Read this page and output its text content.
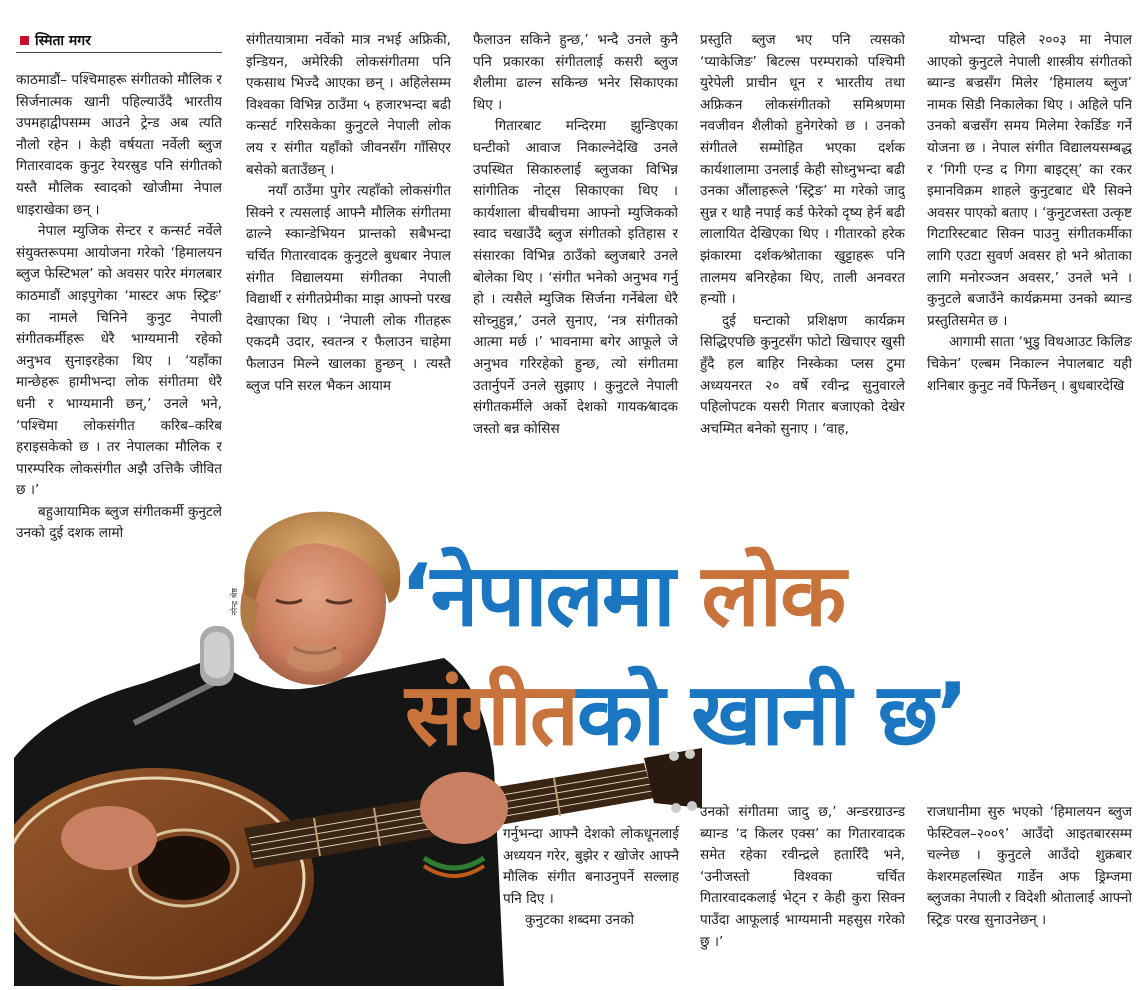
स्मिता मगर

काठमाडौं– पश्चिमाहरू संगीतको मौलिक र सिर्जनात्मक खानी पहिल्याउँदै भारतीय उपमहाद्वीपसम्म आउने ट्रेन्ड अब त्यति नौलो रहेन । केही वर्षयता नर्वेली ब्लुज गितारवादक कुनुट रेयरस्रुड पनि संगीतको यस्तै मौलिक स्वादको खोजीमा नेपाल धाइराखेका छन् ।

नेपाल म्युजिक सेन्टर र कन्सर्ट नर्वेले संयुक्तरूपमा आयोजना गरेको ‘हिमालयन ब्लुज फेस्टिभल’ को अवसर पारेर मंगलबार काठमाडौं आइपुगेका ‘मास्टर अफ स्ट्रिङ’ का नामले चिनिने कुनुट नेपाली संगीतकर्मीहरू धेरै भाग्यमानी रहेको अनुभव सुनाइरहेका थिए । ‘यहाँका मान्छेहरू हामीभन्दा लोक संगीतमा धेरै धनी र भाग्यमानी छन्,’ उनले भने, ‘पश्चिमा लोकसंगीत करिब–करिब हराइसकेको छ । तर नेपालका मौलिक र पारम्परिक लोकसंगीत अझै उत्तिकै जीवित छ ।’

बहुआयामिक ब्लुज संगीतकर्मी कुनुटले उनको दुई दशक लामो

संगीतयात्रामा नर्वेको मात्र नभई अफ्रिकी, इन्डियन, अमेरिकी लोकसंगीतमा पनि एकसाथ भिज्दै आएका छन् । अहिलेसम्म विश्वका विभिन्न ठाउँमा ५ हजारभन्दा बढी कन्सर्ट गरिसकेका कुनुटले नेपाली लोक लय र संगीत यहाँको जीवनसँग गाँसिएर बसेको बताउँछन् ।

नयाँ ठाउँमा पुगेर त्यहाँको लोकसंगीत सिक्ने र त्यसलाई आफ्नै मौलिक संगीतमा ढाल्ने स्कान्डेभियन प्रान्तको सबैभन्दा चर्चित गितारवादक कुनुटले बुधबार नेपाल संगीत विद्यालयमा संगीतका नेपाली विद्यार्थी र संगीतप्रेमीका माझ आफ्नो परख देखाएका थिए । ‘नेपाली लोक गीतहरू एकदमै उदार, स्वतन्त्र र फैलाउन चाहेमा फैलाउन मिल्ने खालका हुन्छन् । त्यस्तै ब्लुज पनि सरल भैकन आयाम

फैलाउन सकिने हुन्छ,’ भन्दै उनले कुनै पनि प्रकारका संगीतलाई कसरी ब्लुज शैलीमा ढाल्न सकिन्छ भनेर सिकाएका थिए ।

गितारबाट मन्दिरमा झुन्डिएका घन्टीको आवाज निकाल्नेदेखि उनले उपस्थित सिकारुलाई ब्लुजका विभिन्न सांगीतिक नोट्स सिकाएका थिए । कार्यशाला बीचबीचमा आफ्नो म्युजिकको स्वाद चखाउँदै ब्लुज संगीतको इतिहास र संसारका विभिन्न ठाउँको ब्लुजबारे उनले बोलेका थिए । ‘संगीत भनेको अनुभव गर्नु हो । त्यसैले म्युजिक सिर्जना गर्नेबेला धेरै सोच्नुहुन्न,’ उनले सुनाए, ‘नत्र संगीतको आत्मा मर्छ ।’ भावनामा बगेर आफूले जे अनुभव गरिरहेको हुन्छ, त्यो संगीतमा उतार्नुपर्ने उनले सुझाए । कुनुटले नेपाली संगीतकर्मीले अर्को देशको गायक⁄बादक जस्तो बन्न कोसिस

प्रस्तुति ब्लुज भए पनि त्यसको ‘प्याकेजिङ’ बिटल्स परम्पराको पश्चिमी युरेपेली प्राचीन धून र भारतीय तथा अफ्रिकन लोकसंगीतको समिश्रणमा नवजीवन शैलीको हुनेगरेको छ । उनको संगीतले सम्मोहित भएका दर्शक कार्यशालामा उनलाई केही सोध्नुभन्दा बढी उनका औंलाहरूले ‘स्ट्रिङ’ मा गरेको जादु सुन्न र थाहै नपाई कर्ड फेरेको दृष्य हेर्न बढी लालायित देखिएका थिए । गीतारको हरेक झंकारमा दर्शक⁄श्रोताका खुट्टाहरू पनि तालमय बनिरहेका थिए, ताली अनवरत हन्योो ।

दुई घन्टाको प्रशिक्षण कार्यक्रम सिद्धिएपछि कुनुटसँग फोटो खिचाएर खुसी हुँदै हल बाहिर निस्केका प्लस टुमा अध्ययनरत २० वर्षे रवीन्द्र सुनुवारले पहिलोपटक यसरी गितार बजाएको देखेर अचम्मित बनेको सुनाए । ‘वाह,

योभन्दा पहिले २००३ मा नेपाल आएको कुनुटले नेपाली शास्त्रीय संगीतको ब्यान्ड बज्रसँग मिलेर ‘हिमालय ब्लुज’ नामक सिडी निकालेका थिए । अहिले पनि उनको बज्रसँग समय मिलेमा रेकर्डिङ गर्ने योजना छ । नेपाल संगीत विद्यालयसम्बद्ध र ‘गिगी एन्ड द गिगा बाइट्स्’ का रकर इमानविक्रम शाहले कुनुटबाट धेरै सिक्ने अवसर पाएको बताए । ‘कुनुटजस्ता उत्कृष्ट गिटारिस्टबाट सिक्न पाउनु संगीतकर्मीका लागि एउटा सुवर्ण अवसर हो भने श्रोताका लागि मनोरञ्जन अवसर,’ उनले भने । कुनुटले बजाउँने कार्यक्रममा उनको ब्यान्ड प्रस्तुतिसमेत छ ।

आगामी साता ‘भुडु विथआउट किलिङ चिकेन’ एल्बम निकाल्न नेपालबाट यही शनिबार कुनुट नर्वे फिर्नेछन् । बुधबारदेखि

नरेन्द्र श्रेष्ठ ‘नेपालमा लोक
संगीतको खानी छ’

गर्नुभन्दा आफ्नै देशको लोकधूनलाई अध्ययन गरेर, बुझेर र खोजेर आफ्नै मौलिक संगीत बनाउनुपर्ने सल्लाह पनि दिए ।

कुनुटका शब्दमा उनको

उनको संगीतमा जादु छ,’ अन्डरग्राउन्ड ब्यान्ड ‘द किलर एक्स’ का गितारवादक समेत रहेका रवीन्द्रले हतारिँदै भने, ‘उनीजस्तो विश्वका चर्चित गितारवादकलाई भेट्न र केही कुरा सिक्न पाउँदा आफूलाई भाग्यमानी महसुस गरेको छु ।’

राजधानीमा सुरु भएको ‘हिमालयन ब्लुज फेस्टिवल–२००९’ आउँदो आइतबारसम्म चल्नेछ । कुनुटले आउँदो शुक्रबार केशरमहलस्थित गार्डेन अफ ड्रिम्जमा ब्लुजका नेपाली र विदेशी श्रोतालाई आफ्नो स्ट्रिङ परख सुनाउनेछन् ।
